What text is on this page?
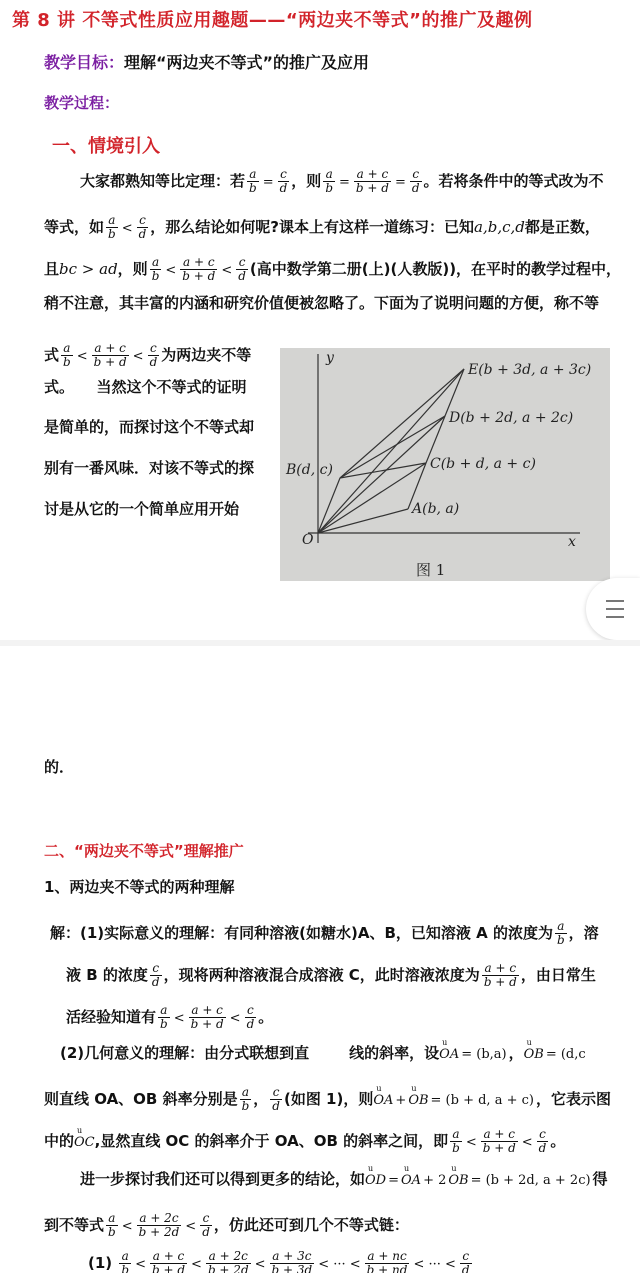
第 8 讲 不等式性质应用趣题——“两边夹不等式”的推广及趣例
教学目标：理解“两边夹不等式”的推广及应用
教学过程：
一、情境引入
大家都熟知等比定理：若 $\frac{a}{b} = \frac{c}{d}$ ，则 $\frac{a}{b} = \frac{a + c}{b + d} = \frac{c}{d}$ 。若将条件中的等式改为不
等式，如 $\frac{a}{b} < \frac{c}{d}$ ，那么结论如何呢?课本上有这样一道练习：已知a,b,c,d都是正数，
且bc > ad，则 $\frac{a}{b} < \frac{a + c}{b + d} < \frac{c}{d}$ (高中数学第二册(上)(人教版))，在平时的教学过程中，
稍不注意，其丰富的内涵和研究价值便被忽略了。下面为了说明问题的方便，称不等
式 $\frac{a}{b} < \frac{a + c}{b + d} < \frac{c}{d}$ 为两边夹不等
式。　　当然这个不等式的证明
是简单的，而探讨这个不等式却
别有一番风味．对该不等式的探
讨是从它的一个简单应用开始
y
x
O
A(b, a)
B(d, c)	C(b + d, a + c)
D(b + 2d, a + 2c)
E(b + 3d, a + 3c)
图 1
的．
二、“两边夹不等式”理解推广
1、两边夹不等式的两种理解
解：(1)实际意义的理解：有同种溶液(如糖水)A、B，已知溶液 A 的浓度为 $\frac{a}{b}$ ，溶
液 B 的浓度 $\frac{c}{d}$ ，现将两种溶液混合成溶液 C，此时溶液浓度为 $\frac{a + c}{b + d}$ ，由日常生
活经验知道有 $\frac{a}{b} < \frac{a + c}{b + d} < \frac{c}{d}$ 。
(2)几何意义的理解：由分式联想到直	线的斜率，设u OA = (b,a) ，u OB = (d,c
则直线 OA、OB 斜率分别是 $\frac{a}{b}$ ， $\frac{c}{d}$ (如图 1)，则u OA + u OB = (b + d, a + c) ，它表示图
中的u OC,显然直线 OC 的斜率介于 OA、OB 的斜率之间，即 $\frac{a}{b} < \frac{a + c}{b + d} < \frac{c}{d}$ 。
进一步探讨我们还可以得到更多的结论，如u OD = u OA + 2 u OB = (b + 2d, a + 2c) 得
到不等式 $\frac{a}{b} < \frac{a + 2c}{b + 2d} < \frac{c}{d}$ ，仿此还可到几个不等式链：
$(1) \frac{a}{b} < \frac{a + c}{b + d} < \frac{a + 2c}{b + 2d} < \frac{a + 3c}{b + 3d}$ < ··· < $\frac{a + nc}{b + nd}$ < ··· < $\frac{c}{d}$
